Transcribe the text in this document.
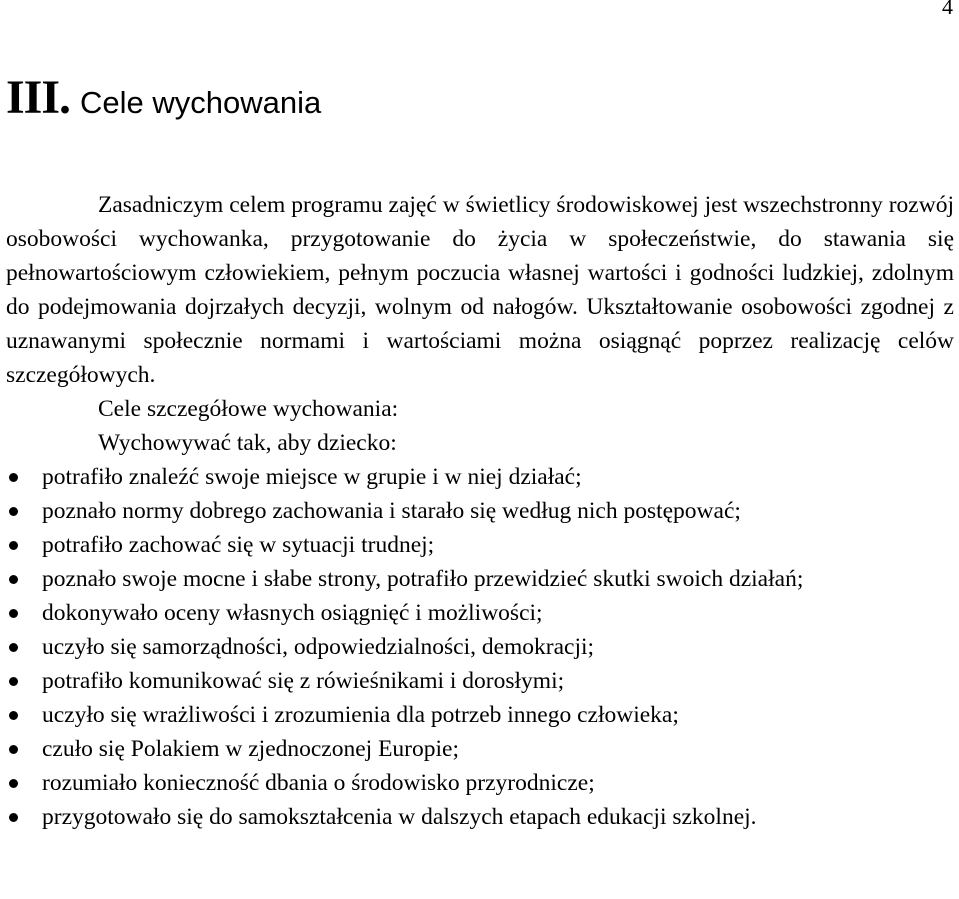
4
III. Cele wychowania

Zasadniczym celem programu zajęć w świetlicy środowiskowej jest wszechstronny rozwój osobowości wychowanka, przygotowanie do życia w społeczeństwie, do stawania się pełnowartościowym człowiekiem, pełnym poczucia własnej wartości i godności ludzkiej, zdolnym do podejmowania dojrzałych decyzji, wolnym od nałogów. Ukształtowanie osobowości zgodnej z uznawanymi społecznie normami i wartościami można osiągnąć poprzez realizację celów szczegółowych.

Cele szczegółowe wychowania:

Wychowywać tak, aby dziecko:

potrafiło znaleźć swoje miejsce w grupie i w niej działać;
poznało normy dobrego zachowania i starało się według nich postępować;
potrafiło zachować się w sytuacji trudnej;
poznało swoje mocne i słabe strony, potrafiło przewidzieć skutki swoich działań;
dokonywało oceny własnych osiągnięć i możliwości;
uczyło się samorządności, odpowiedzialności, demokracji;
potrafiło komunikować się z rówieśnikami i dorosłymi;
uczyło się wrażliwości i zrozumienia dla potrzeb innego człowieka;
czuło się Polakiem w zjednoczonej Europie;
rozumiało konieczność dbania o środowisko przyrodnicze;
przygotowało się do samokształcenia w dalszych etapach edukacji szkolnej.
